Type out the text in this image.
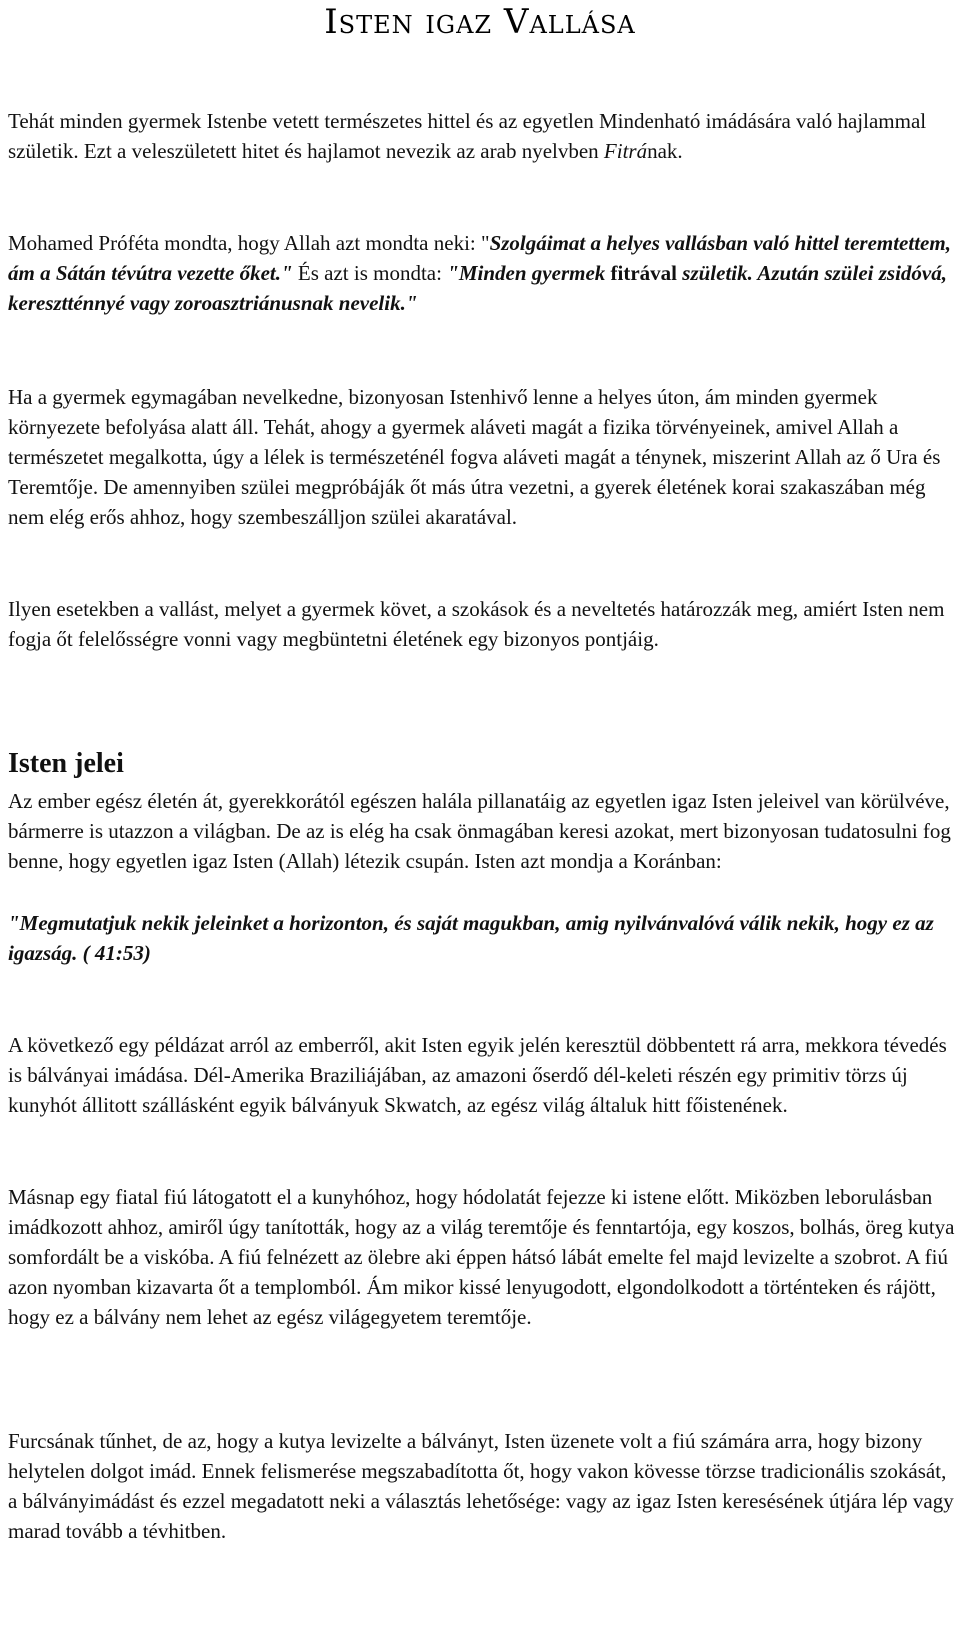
Isten igaz Vallása

Tehát minden gyermek Istenbe vetett természetes hittel és az egyetlen Mindenható imádására való hajlammal születik. Ezt a veleszületett hitet és hajlamot nevezik az arab nyelvben Fitrának.

Mohamed Próféta mondta, hogy Allah azt mondta neki: "Szolgáimat a helyes vallásban való hittel teremtettem, ám a Sátán tévútra vezette őket." És azt is mondta: "Minden gyermek fitrával születik. Azután szülei zsidóvá, keresztténnyé vagy zoroasztriánusnak nevelik."

Ha a gyermek egymagában nevelkedne, bizonyosan Istenhivő lenne a helyes úton, ám minden gyermek környezete befolyása alatt áll. Tehát, ahogy a gyermek aláveti magát a fizika törvényeinek, amivel Allah a természetet megalkotta, úgy a lélek is természeténél fogva aláveti magát a ténynek, miszerint Allah az ő Ura és Teremtője. De amennyiben szülei megpróbáják őt más útra vezetni, a gyerek életének korai szakaszában még nem elég erős ahhoz, hogy szembeszálljon szülei akaratával.

Ilyen esetekben a vallást, melyet a gyermek követ, a szokások és a neveltetés határozzák meg, amiért Isten nem fogja őt felelősségre vonni vagy megbüntetni életének egy bizonyos pontjáig.

Isten jelei

Az ember egész életén át, gyerekkorától egészen halála pillanatáig az egyetlen igaz Isten jeleivel van körülvéve, bármerre is utazzon a világban. De az is elég ha csak önmagában keresi azokat, mert bizonyosan tudatosulni fog benne, hogy egyetlen igaz Isten (Allah) létezik csupán. Isten azt mondja a Koránban:

"Megmutatjuk nekik jeleinket a horizonton, és saját magukban, amig nyilvánvalóvá válik nekik, hogy ez az igazság. ( 41:53)

A következő egy példázat arról az emberről, akit Isten egyik jelén keresztül döbbentett rá arra, mekkora tévedés is bálványai imádása. Dél-Amerika Braziliájában, az amazoni őserdő dél-keleti részén egy primitiv törzs új kunyhót állitott szállásként egyik bálványuk Skwatch, az egész világ általuk hitt főistenének.

Másnap egy fiatal fiú látogatott el a kunyhóhoz, hogy hódolatát fejezze ki istene előtt. Miközben leborulásban imádkozott ahhoz, amiről úgy tanították, hogy az a világ teremtője és fenntartója, egy koszos, bolhás, öreg kutya somfordált be a viskóba. A fiú felnézett az ölebre aki éppen hátsó lábát emelte fel majd levizelte a szobrot. A fiú azon nyomban kizavarta őt a templomból. Ám mikor kissé lenyugodott, elgondolkodott a történteken és rájött, hogy ez a bálvány nem lehet az egész világegyetem teremtője.

Furcsának tűnhet, de az, hogy a kutya levizelte a bálványt, Isten üzenete volt a fiú számára arra, hogy bizony helytelen dolgot imád. Ennek felismerése megszabadította őt, hogy vakon kövesse törzse tradicionális szokását, a bálványimádást és ezzel megadatott neki a választás lehetősége: vagy az igaz Isten keresésének útjára lép vagy marad tovább a tévhitben.
